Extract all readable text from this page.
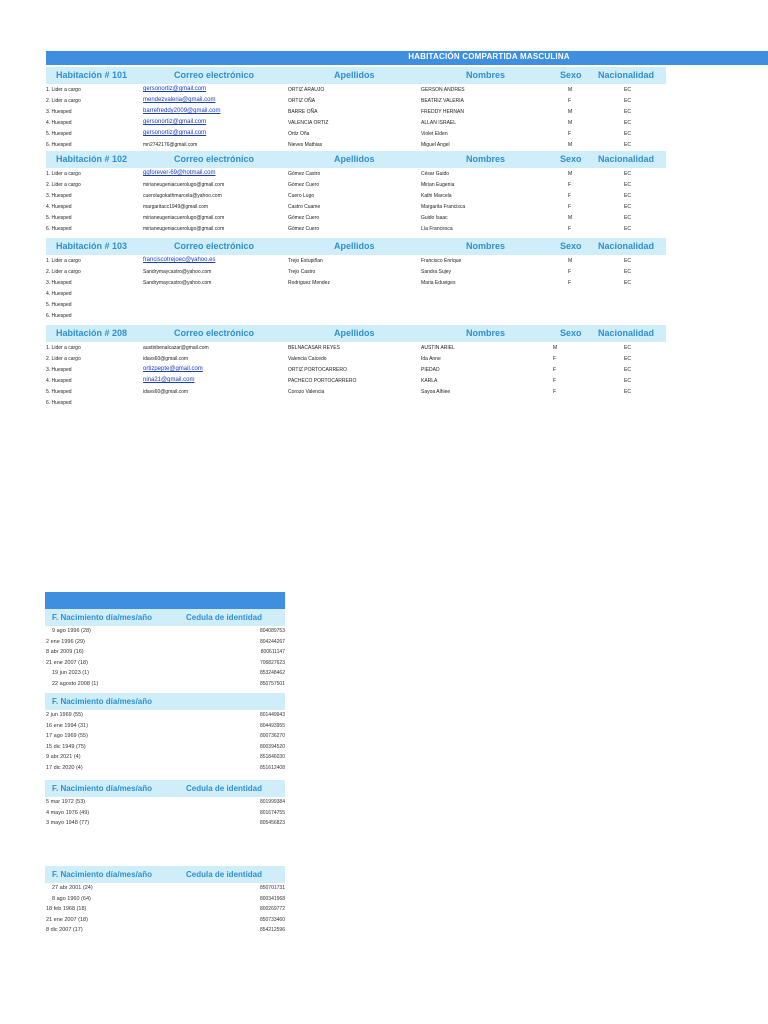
HABITACIÓN COMPARTIDA MASCULINA
Habitación # 101	Correo electrónico	Apellidos	Nombres	Sexo Nacionalidad
1. Lider a cargo	gersonortiz@gmail.com	ORTIZ ARAUJO	GERSON ANDRES	M	EC
2. Lider a cargo	mendezvaleria@gmail.com	ORTIZ OÑA	BEATRIZ VALERIA	F	EC
3. Huesped	barrefreddy2009@gmail.com	BARRE OÑA	FREDDY HERNAN	M	EC
4. Huesped	gersonortiz@gmail.com	VALENCIA ORTIZ	ALLAN ISRAEL	M	EC
5. Huesped	gersonortiz@gmail.com	Ortiz Oña	Violet Elden	F	EC
6. Huesped	mn2742176@gmail.com	Nieves Mathias	Miguel Angel	M	EC
Habitación # 102	Correo electrónico	Apellidos	Nombres	Sexo Nacionalidad
1. Lider a cargo	ggforever-69@hotmail.com	Gómez Castro	César Guido	M	EC
2. Lider a cargo	mirianeugeniacuerolugo@gmail.com	Gómez Cuero	Mirian Eugenia	F	EC
3. Huesped	cuerolugokathmarcela@yahoo.com	Cuero Lugo	Kathi Marcela	F	EC
4. Huesped	margaritacc1949@gmail.com	Castro Cuame	Margarita Francisca	F	EC
5. Huesped	mirianeugeniacuerolugo@gmail.com	Gómez Cuero	Guido Isaac	M	EC
6. Huesped	mirianeugeniacuerolugo@gmail.com	Gómez Cuero	Lía Francesca	F	EC
Habitación # 103	Correo electrónico	Apellidos	Nombres	Sexo Nacionalidad
1. Lider a cargo	franciscotrejoec@yahoo.es	Trejo Estupiñan	Francisco Enrique	M	EC
2. Lider a cargo	Sandrymaycastro@yahoo.com	Trejo Castro	Sandra Sujey	F	EC
3. Huesped	Sandrymaycastro@yahoo.com	Rodriguez Mendez	Maria Eduviges	F	EC
4. Huesped
5. Huesped
6. Huesped
Habitación # 208	Correo electrónico	Apellidos	Nombres	Sexo Nacionalidad
1. Lider a cargo	austinbenalcazar@gmail.com	BELNACASAR REYES	AUSTIN ARIEL	M	EC
2. Lider a cargo	idavs60@gmail.com	Valencia Caicedo	Ida Anne	F	EC
3. Huesped	ortizpepte@gmail.com	ORTIZ PORTOCARRERO	PIEDAD	F	EC
4. Huesped	nina21@gmail.com	PACHECO PORTOCARRERO	KARLA	F	EC
5. Huesped	idavs60@gmail.com	Corozo Valencia	Sayoa Alhiee	F	EC
6. Huesped
F. Nacimiento día/mes/año	Cedula de identidad
9 ago 1996 (28)	804089753
2 ene 1996 (29)	804244267
8 abr 2009 (16)	800611147
21 ene 2007 (18)	706827623
19 jun 2023 (1)	853248462
22 agosto 2008 (1)	850757501
F. Nacimiento día/mes/año
2 jun 1969 (55)	801449943
16 ene 1994 (31)	804493955
17 ago 1969 (55)	800736270
15 dic 1949 (75)	800394520
9 abr 2021 (4)	851846030
17 dic 2020 (4)	851612408
F. Nacimiento día/mes/año	Cedula de identidad
5 mar 1972 (53)	801999384
4 mayo 1976 (49)	801674755
3 mayo 1948 (77)	805456823
F. Nacimiento día/mes/año	Cedula de identidad
27 abr 2001 (24)	850701731
8 ago 1960 (64)	800341968
18 feb 1968 (18)	800269772
21 ene 2007 (18)	850733460
8 dic 2007 (17)	854212596
